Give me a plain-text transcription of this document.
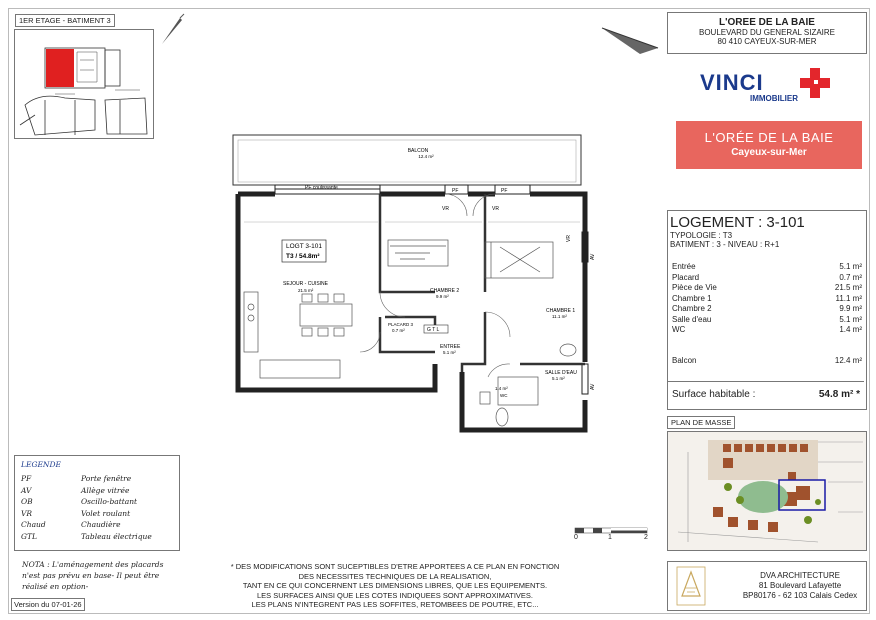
1ER ETAGE - BATIMENT 3	L'OREE DE LA BAIE
BOULEVARD DU GENERAL SIZAIRE
80 410 CAYEUX-SUR-MER
VINCI
IMMOBILIER
L'ORÉE DE LA BAIE
Cayeux-sur-Mer
LOGEMENT : 3-101
TYPOLOGIE : T3
BATIMENT : 3 - NIVEAU : R+1
Entrée	5.1 m²
Placard	0.7 m²
Pièce de Vie	21.5 m²
Chambre 1	11.1 m²
Chambre 2	9.9 m²
Salle d'eau	5.1 m²
WC	1.4 m²
Balcon	12.4 m²
Surface habitable :	54.8 m² *
PLAN DE MASSE
BALCON
12.4 m²
PF coulissante	PF	PF
VR	VR
VR
AV
AV
LOGT 3-101
T3 / 54.8m²
SEJOUR - CUISINE
21.5 m²	CHAMBRE 2
9.9 m²
CHAMBRE 1
11.1 m²
PLACARD 3
0.7 m²	G T L
ENTREE
5.1 m²
SALLE D'EAU
5.1 m²
1.4 m²
WC
LEGENDE
PF	Porte fenêtre
AV	Allège vitrée
OB	Oscillo-battant
VR	Volet roulant
Chaud	Chaudière
GTL	Tableau électrique
NOTA : L'aménagement des placards
n'est pas prévu en base- Il peut être
réalisé en option-
Version du 07-01-26
0	1	2
* DES MODIFICATIONS SONT SUCEPTIBLES D'ETRE APPORTEES A CE PLAN EN FONCTION
DES NECESSITES TECHNIQUES DE LA REALISATION,
TANT EN CE QUI CONCERNENT LES DIMENSIONS LIBRES, QUE LES EQUIPEMENTS.
LES SURFACES AINSI QUE LES COTES INDIQUEES SONT APPROXIMATIVES.
LES PLANS N'INTEGRENT PAS LES SOFFITES, RETOMBEES DE POUTRE, ETC...
DVA ARCHITECTURE
81 Boulevard Lafayette
BP80176 - 62 103 Calais Cedex
